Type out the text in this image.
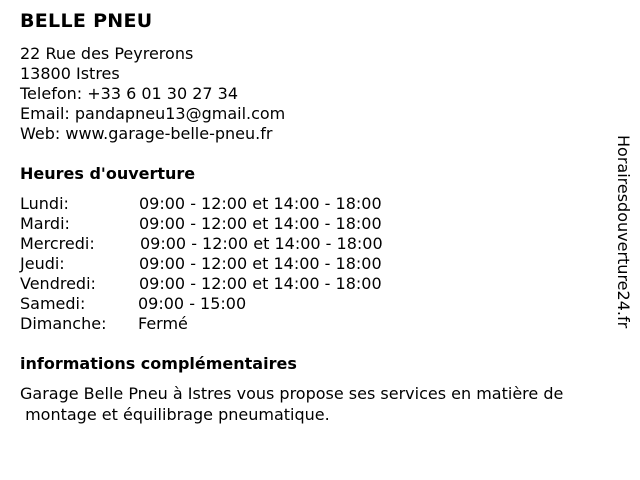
BELLE PNEU
22 Rue des Peyrerons
13800 Istres
Telefon: +33 6 01 30 27 34
Email: pandapneu13@gmail.com
Web: www.garage-belle-pneu.fr
Heures d'ouverture
Lundi:	09:00 - 12:00 et 14:00 - 18:00
Mardi:	09:00 - 12:00 et 14:00 - 18:00
Mercredi:	09:00 - 12:00 et 14:00 - 18:00
Jeudi:	09:00 - 12:00 et 14:00 - 18:00
Vendredi:	09:00 - 12:00 et 14:00 - 18:00
Samedi:	09:00 - 15:00
Dimanche: Fermé
informations complémentaires
Garage Belle Pneu à Istres vous propose ses services en matière de
montage et équilibrage pneumatique.
Horairesdouverture24.fr
